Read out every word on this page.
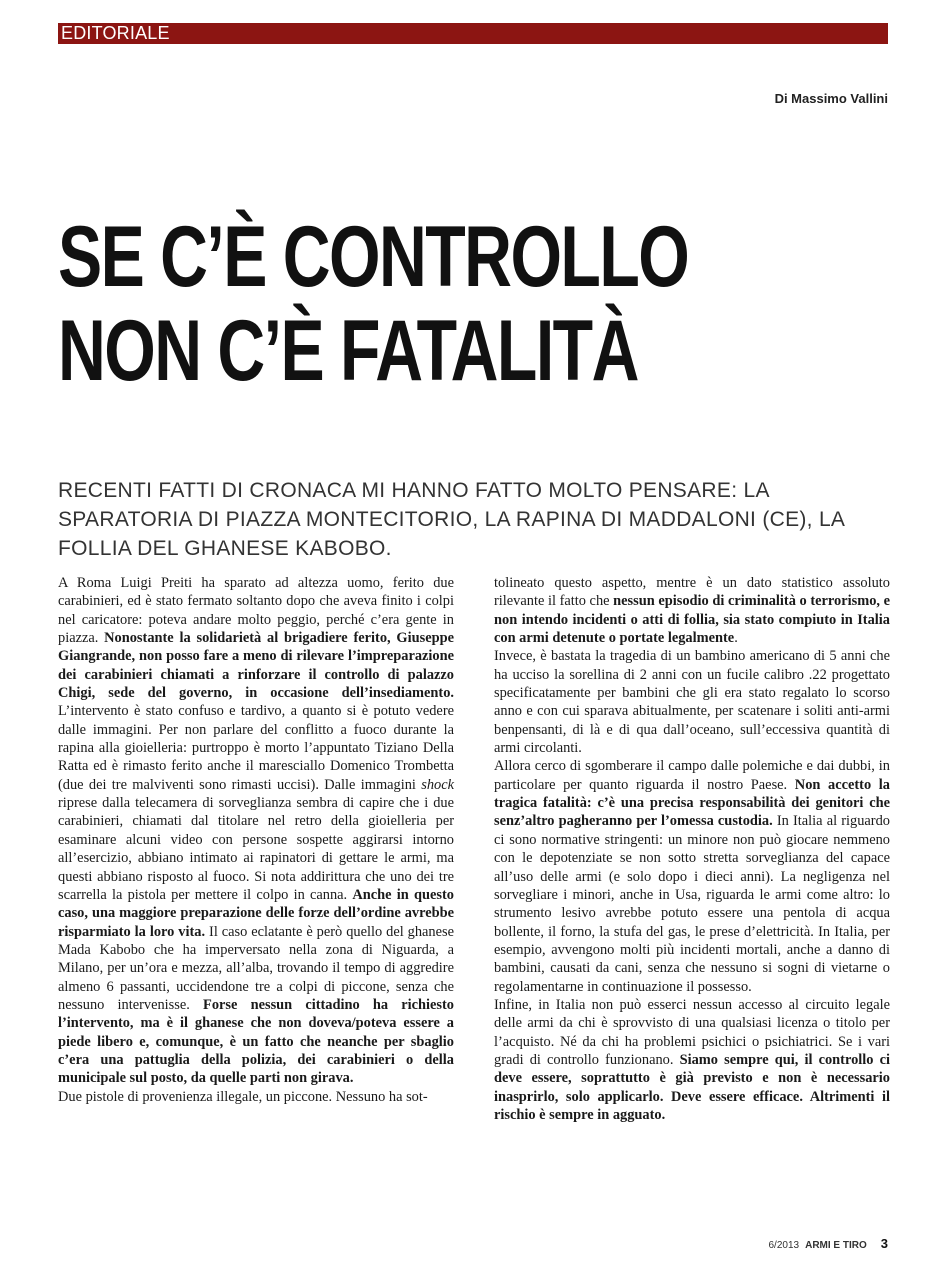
EDITORIALE
Di Massimo Vallini
SE C’È CONTROLLO
NON C’È FATALITÀ
RECENTI FATTI DI CRONACA MI HANNO FATTO MOLTO PENSARE: LA SPARATORIA DI PIAZZA MONTECITORIO, LA RAPINA DI MADDALONI (CE), LA FOLLIA DEL GHANESE KABOBO.

A Roma Luigi Preiti ha sparato ad altezza uomo, ferito due carabinieri, ed è stato fermato soltanto dopo che aveva finito i colpi nel caricatore: poteva andare molto peggio, perché c’era gente in piazza. Nonostante la solidarietà al brigadiere ferito, Giuseppe Giangrande, non posso fare a meno di rilevare l’impreparazione dei carabinieri chiamati a rinforzare il controllo di palazzo Chigi, sede del governo, in occasione dell’insediamento. L’intervento è stato confuso e tardivo, a quanto si è potuto vedere dalle immagini. Per non parlare del conflitto a fuoco durante la rapina alla gioielleria: purtroppo è morto l’appuntato Tiziano Della Ratta ed è rimasto ferito anche il maresciallo Domenico Trombetta (due dei tre malviventi sono rimasti uccisi). Dalle immagini shock riprese dalla telecamera di sorveglianza sembra di capire che i due carabinieri, chiamati dal titolare nel retro della gioielleria per esaminare alcuni video con persone sospette aggirarsi intorno all’esercizio, abbiano intimato ai rapinatori di gettare le armi, ma questi abbiano risposto al fuoco. Si nota addirittura che uno dei tre scarrella la pistola per mettere il colpo in canna. Anche in questo caso, una maggiore preparazione delle forze dell’ordine avrebbe risparmiato la loro vita. Il caso eclatante è però quello del ghanese Mada Kabobo che ha imperversato nella zona di Niguarda, a Milano, per un’ora e mezza, all’alba, trovando il tempo di aggredire almeno 6 passanti, uccidendone tre a colpi di piccone, senza che nessuno intervenisse. Forse nessun cittadino ha richiesto l’intervento, ma è il ghanese che non doveva/poteva essere a piede libero e, comunque, è un fatto che neanche per sbaglio c’era una pattuglia della polizia, dei carabinieri o della municipale sul posto, da quelle parti non girava.

Due pistole di provenienza illegale, un piccone. Nessuno ha sot-

tolineato questo aspetto, mentre è un dato statistico assoluto rilevante il fatto che nessun episodio di criminalità o terrorismo, e non intendo incidenti o atti di follia, sia stato compiuto in Italia con armi detenute o portate legalmente.

Invece, è bastata la tragedia di un bambino americano di 5 anni che ha ucciso la sorellina di 2 anni con un fucile calibro .22 progettato specificatamente per bambini che gli era stato regalato lo scorso anno e con cui sparava abitualmente, per scatenare i soliti anti-armi benpensanti, di là e di qua dall’oceano, sull’eccessiva quantità di armi circolanti.

Allora cerco di sgomberare il campo dalle polemiche e dai dubbi, in particolare per quanto riguarda il nostro Paese. Non accetto la tragica fatalità: c’è una precisa responsabilità dei genitori che senz’altro pagheranno per l’omessa custodia. In Italia al riguardo ci sono normative stringenti: un minore non può giocare nemmeno con le depotenziate se non sotto stretta sorveglianza del capace all’uso delle armi (e solo dopo i dieci anni). La negligenza nel sorvegliare i minori, anche in Usa, riguarda le armi come altro: lo strumento lesivo avrebbe potuto essere una pentola di acqua bollente, il forno, la stufa del gas, le prese d’elettricità. In Italia, per esempio, avvengono molti più incidenti mortali, anche a danno di bambini, causati da cani, senza che nessuno si sogni di vietarne o regolamentarne in continuazione il possesso.

Infine, in Italia non può esserci nessun accesso al circuito legale delle armi da chi è sprovvisto di una qualsiasi licenza o titolo per l’acquisto. Né da chi ha problemi psichici o psichiatrici. Se i vari gradi di controllo funzionano. Siamo sempre qui, il controllo ci deve essere, soprattutto è già previsto e non è necessario inasprirlo, solo applicarlo. Deve essere efficace. Altrimenti il rischio è sempre in agguato.

6/2013 ARMI E TIRO 3
